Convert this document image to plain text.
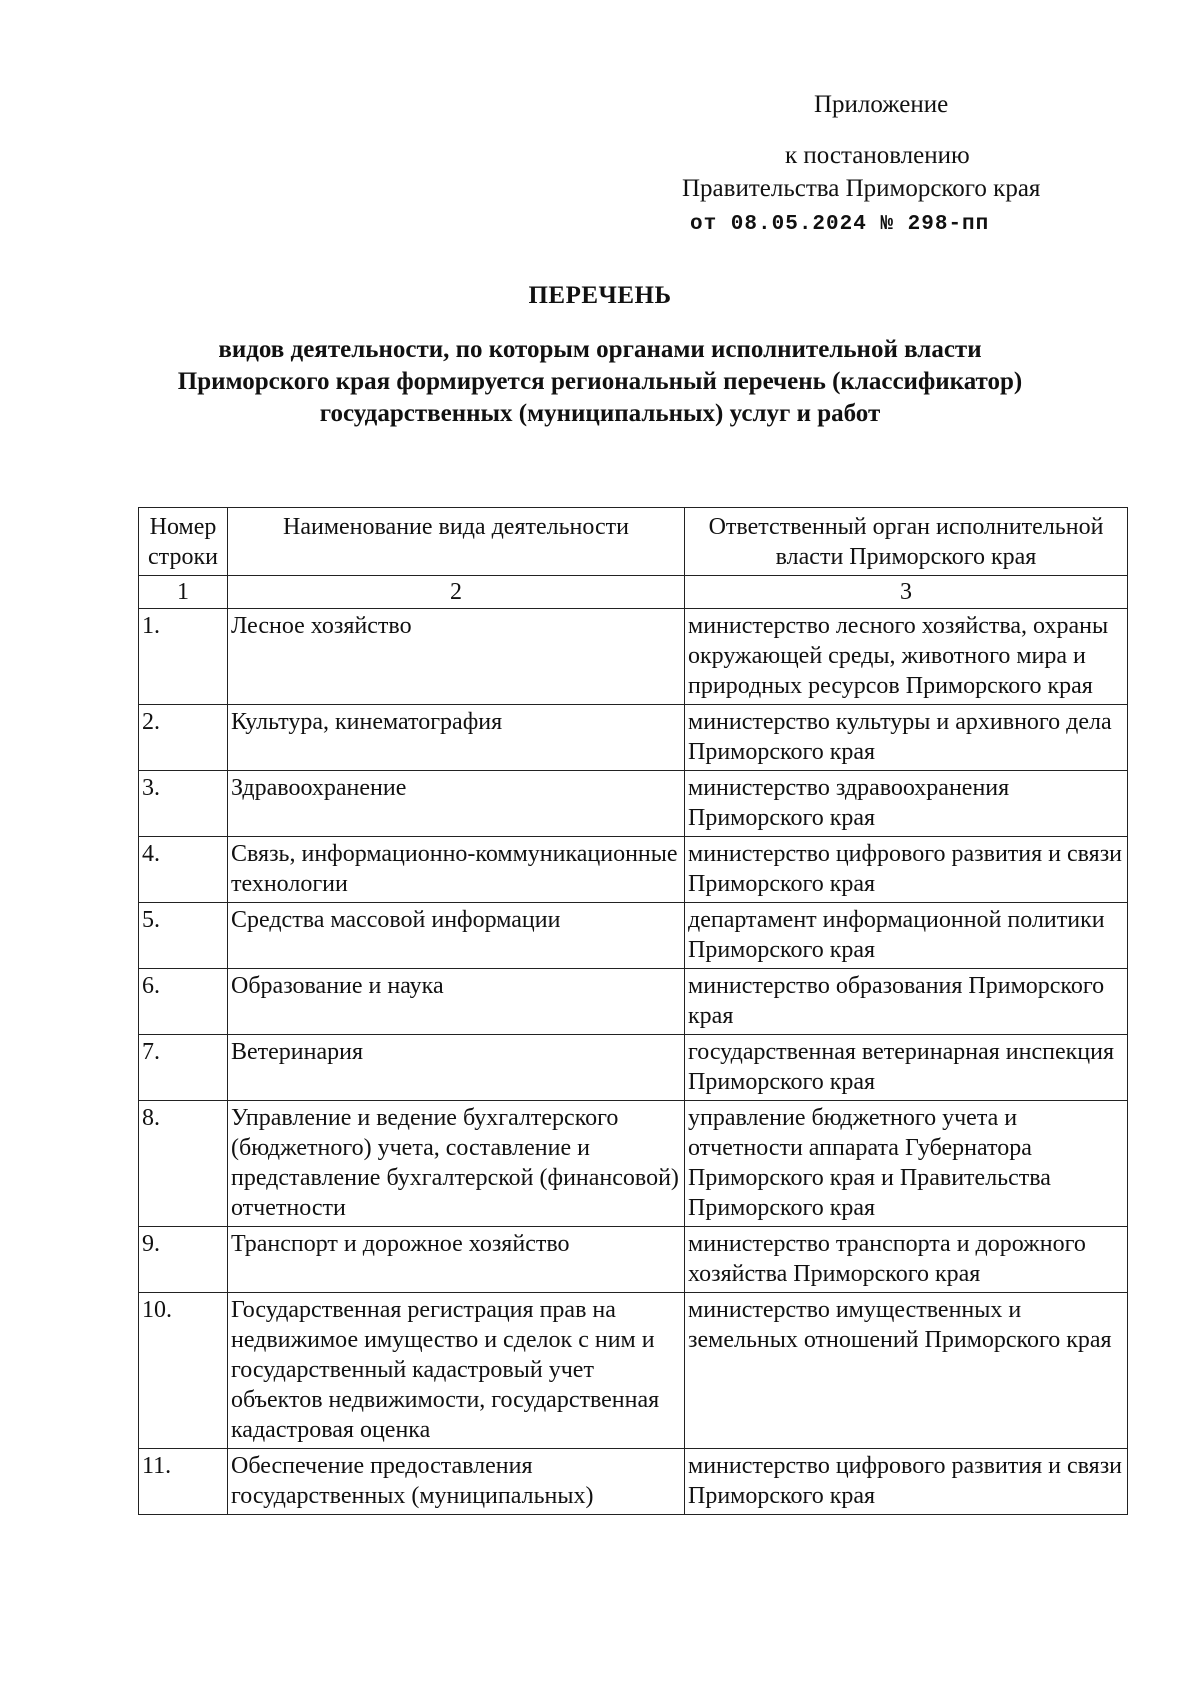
Приложение
к постановлению
Правительства Приморского края
от 08.05.2024 № 298-пп
ПЕРЕЧЕНЬ
видов деятельности, по которым органами исполнительной власти
Приморского края формируется региональный перечень (классификатор)
государственных (муниципальных) услуг и работ
Номер строки	Наименование вида деятельности	Ответственный орган исполнительной власти Приморского края
1	2	3
1.	Лесное хозяйство	министерство лесного хозяйства, охраны окружающей среды, животного мира и природных ресурсов Приморского края
2.	Культура, кинематография	министерство культуры и архивного дела Приморского края
3.	Здравоохранение	министерство здравоохранения Приморского края
4.	Связь, информационно-коммуникационные технологии	министерство цифрового развития и связи Приморского края
5.	Средства массовой информации	департамент информационной политики Приморского края
6.	Образование и наука	министерство образования Приморского края
7.	Ветеринария	государственная ветеринарная инспекция Приморского края
8.	Управление и ведение бухгалтерского (бюджетного) учета, составление и представление бухгалтерской (финансовой) отчетности	управление бюджетного учета и отчетности аппарата Губернатора Приморского края и Правительства Приморского края
9.	Транспорт и дорожное хозяйство	министерство транспорта и дорожного хозяйства Приморского края
10.	Государственная регистрация прав на недвижимое имущество и сделок с ним и государственный кадастровый учет объектов недвижимости, государственная кадастровая оценка	министерство имущественных и земельных отношений Приморского края
11.	Обеспечение предоставления государственных (муниципальных)	министерство цифрового развития и связи Приморского края
